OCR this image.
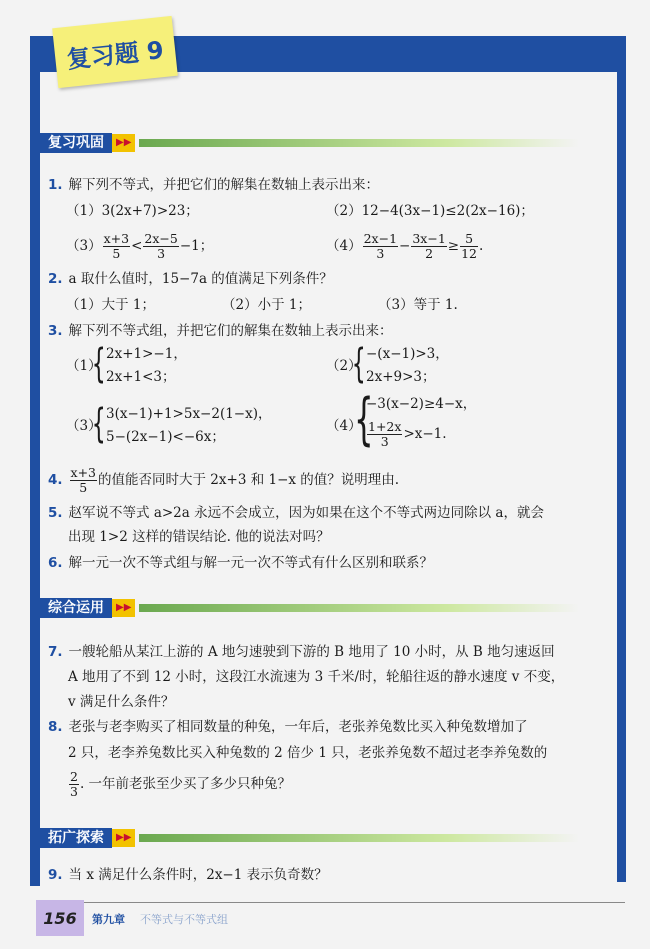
复习题 9
复习巩固	▶▶
1. 解下列不等式，并把它们的解集在数轴上表示出来：
（1）3(2x+7)>23；	（2）12−4(3x−1)≤2(2x−16)；
$(3) \frac{x+3}{5} < \frac{2x-5}{3} -1$；	$(4) \frac{2x-1}{3} - \frac{3x-1}{2} \ge \frac{5}{12}$ .
2. a 取什么值时，15−7a 的值满足下列条件？
（1）大于 1；	（2）小于 1；	（3）等于 1.
3. 解下列不等式组，并把它们的解集在数轴上表示出来：
（1）
{ 2x+1>−1，
2x+1<3；
（2）
{ −(x−1)>3，
2x+9>3；
（3）
{ 3(x−1)+1>5x−2(1−x)，
5−(2x−1)<−6x；
（4）
{
−3(x−2)≥4−x，
$\frac{1+2x}{3} >x-1$.
4. $\frac{x+3}{5}$ 的值能否同时大于 2x+3 和 1−x 的值？说明理由.
5. 赵军说不等式 a>2a 永远不会成立，因为如果在这个不等式两边同除以 a，就会
出现 1>2 这样的错误结论. 他的说法对吗？
6. 解一元一次不等式组与解一元一次不等式有什么区别和联系？
综合运用	▶▶
7. 一艘轮船从某江上游的 A 地匀速驶到下游的 B 地用了 10 小时，从 B 地匀速返回
A 地用了不到 12 小时，这段江水流速为 3 千米/时，轮船往返的静水速度 v 不变，
v 满足什么条件？
8. 老张与老李购买了相同数量的种兔，一年后，老张养兔数比买入种兔数增加了
2 只，老李养兔数比买入种兔数的 2 倍少 1 只，老张养兔数不超过老李养兔数的
$\frac{2}{3}$ . 一年前老张至少买了多少只种兔？
拓广探索	▶▶
9. 当 x 满足什么条件时，2x−1 表示负奇数？
156	第九章 不等式与不等式组
